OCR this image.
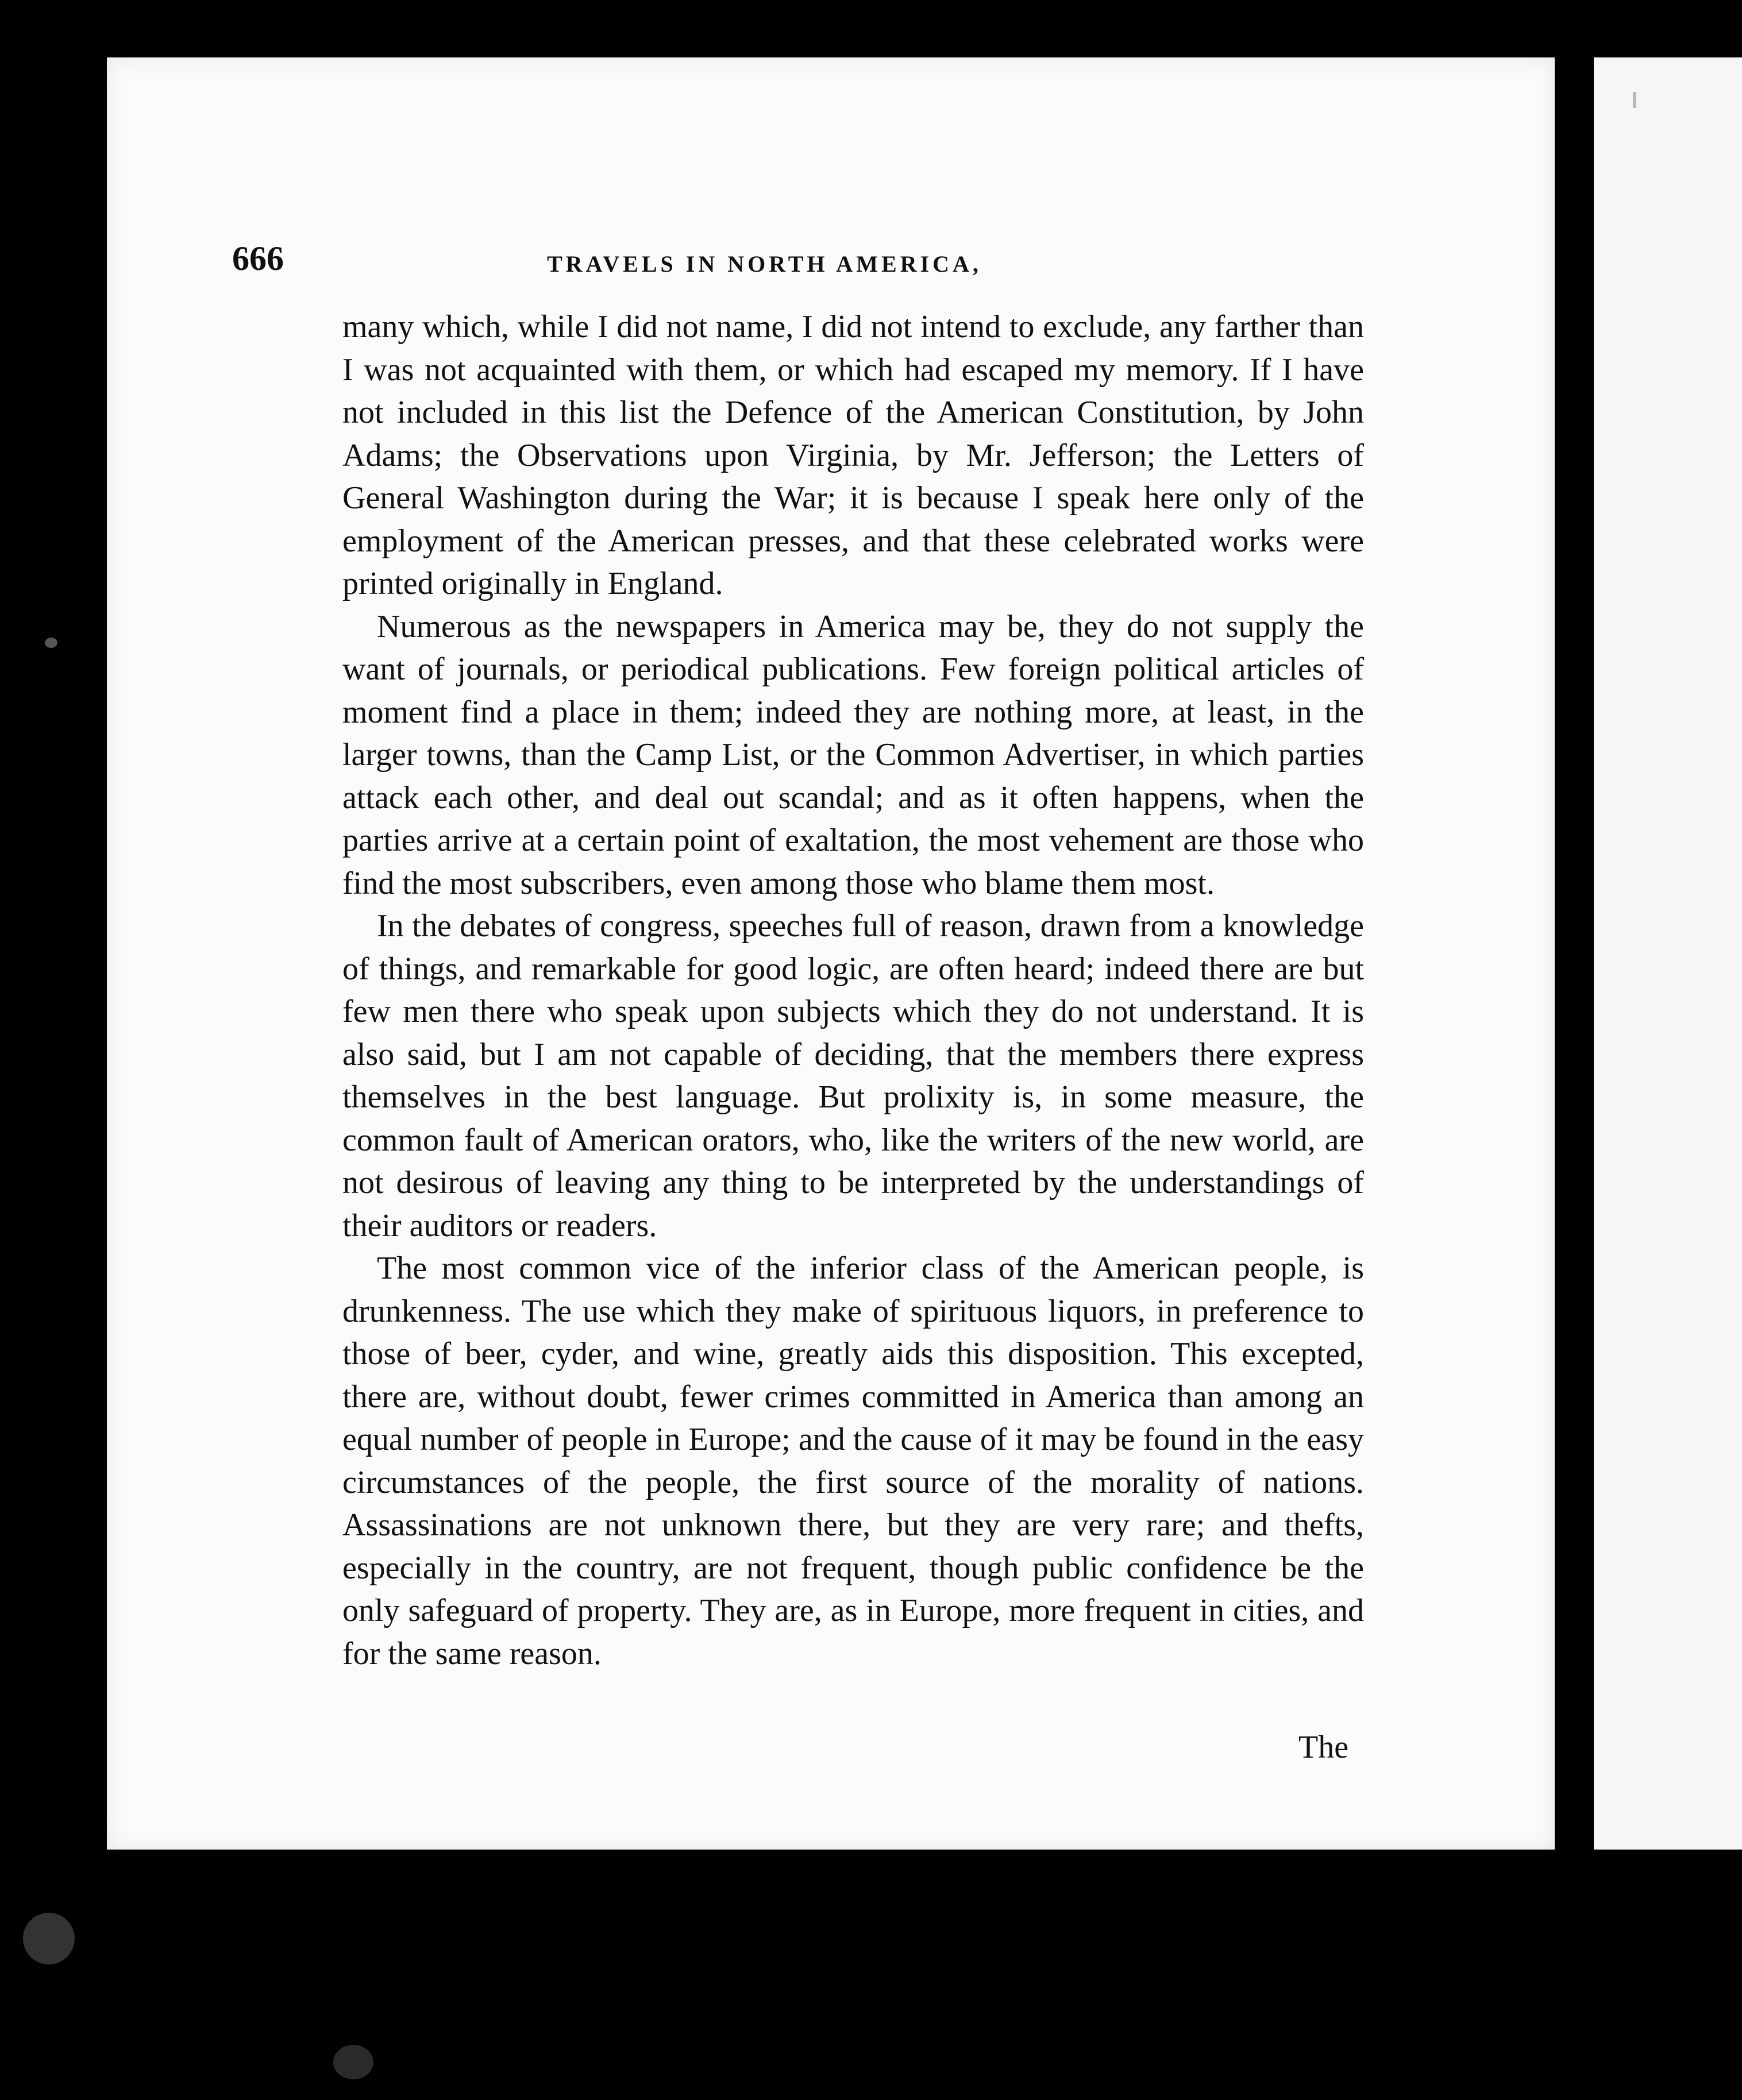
666	TRAVELS IN NORTH AMERICA,

many which, while I did not name, I did not intend to exclude, any farther than I was not acquainted with them, or which had escaped my memory. If I have not included in this list the Defence of the American Constitution, by John Adams; the Observations upon Virginia, by Mr. Jefferson; the Letters of General Washington during the War; it is because I speak here only of the employment of the American presses, and that these celebrated works were printed originally in England.

Numerous as the newspapers in America may be, they do not supply the want of journals, or periodical publications. Few foreign political articles of moment find a place in them; indeed they are nothing more, at least, in the larger towns, than the Camp List, or the Common Advertiser, in which parties attack each other, and deal out scandal; and as it often happens, when the parties arrive at a certain point of exaltation, the most vehement are those who find the most subscribers, even among those who blame them most.

In the debates of congress, speeches full of reason, drawn from a knowledge of things, and remarkable for good logic, are often heard; indeed there are but few men there who speak upon subjects which they do not understand. It is also said, but I am not capable of deciding, that the members there express themselves in the best language. But prolixity is, in some measure, the common fault of American orators, who, like the writers of the new world, are not desirous of leaving any thing to be interpreted by the understandings of their auditors or readers.

The most common vice of the inferior class of the American people, is drunkenness. The use which they make of spirituous liquors, in preference to those of beer, cyder, and wine, greatly aids this disposition. This excepted, there are, without doubt, fewer crimes committed in America than among an equal number of people in Europe; and the cause of it may be found in the easy circumstances of the people, the first source of the morality of nations. Assassinations are not unknown there, but they are very rare; and thefts, especially in the country, are not frequent, though public confidence be the only safeguard of property. They are, as in Europe, more frequent in cities, and for the same reason.

The
